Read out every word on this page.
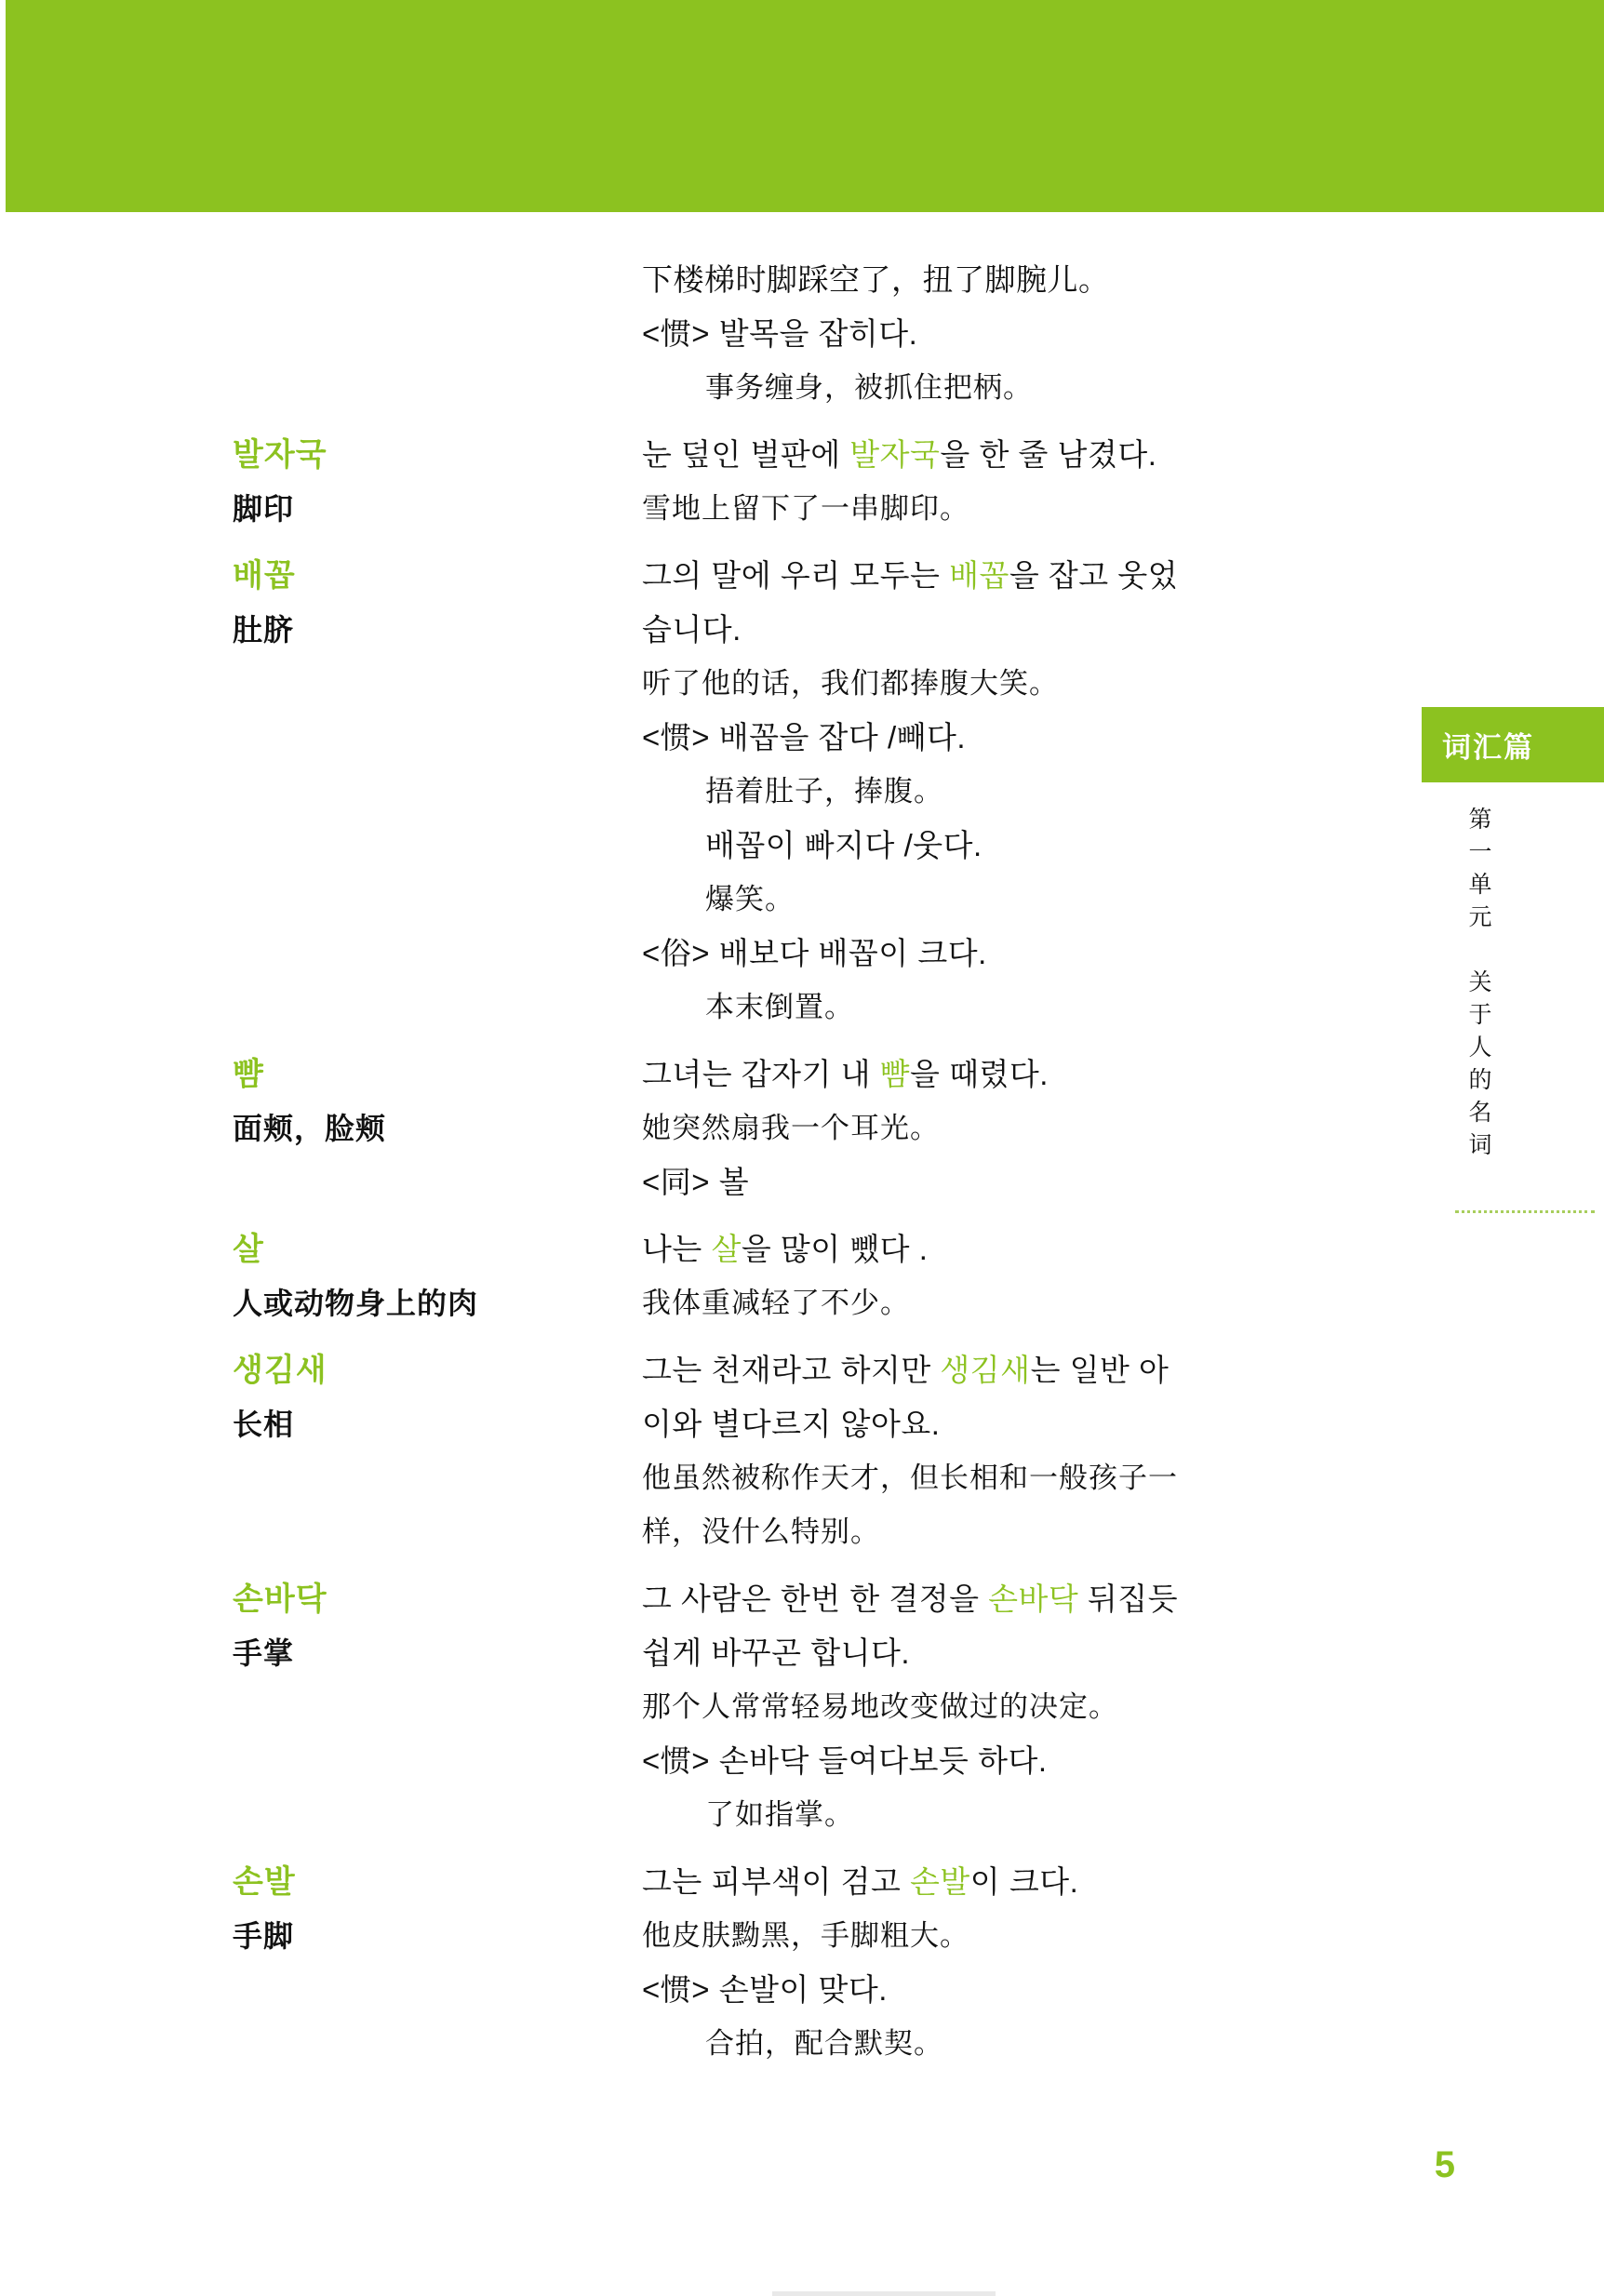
词汇篇
第一单元　关于人的名词
下楼梯时脚踩空了，扭了脚腕儿。
<惯> 발목을 잡히다.
事务缠身，被抓住把柄。
발자국
脚印
눈 덮인 벌판에 발자국을 한 줄 남겼다.
雪地上留下了一串脚印。
배꼽
肚脐
그의 말에 우리 모두는 배꼽을 잡고 웃었
습니다.
听了他的话，我们都捧腹大笑。
<惯> 배꼽을 잡다 /빼다.
捂着肚子，捧腹。
배꼽이 빠지다 /웃다.
爆笑。
<俗> 배보다 배꼽이 크다.
本末倒置。
뺨
面颊，脸颊
그녀는 갑자기 내 뺨을 때렸다.
她突然扇我一个耳光。
<同> 볼
살
人或动物身上的肉
나는 살을 많이 뺐다 .
我体重减轻了不少。
생김새
长相
그는 천재라고 하지만 생김새는 일반 아
이와 별다르지 않아요.
他虽然被称作天才，但长相和一般孩子一
样，没什么特别。
손바닥
手掌
그 사람은 한번 한 결정을 손바닥 뒤집듯
쉽게 바꾸곤 합니다.
那个人常常轻易地改变做过的决定。
<惯> 손바닥 들여다보듯 하다.
了如指掌。
손발
手脚
그는 피부색이 검고 손발이 크다.
他皮肤黝黑，手脚粗大。
<惯> 손발이 맞다.
合拍，配合默契。
5
